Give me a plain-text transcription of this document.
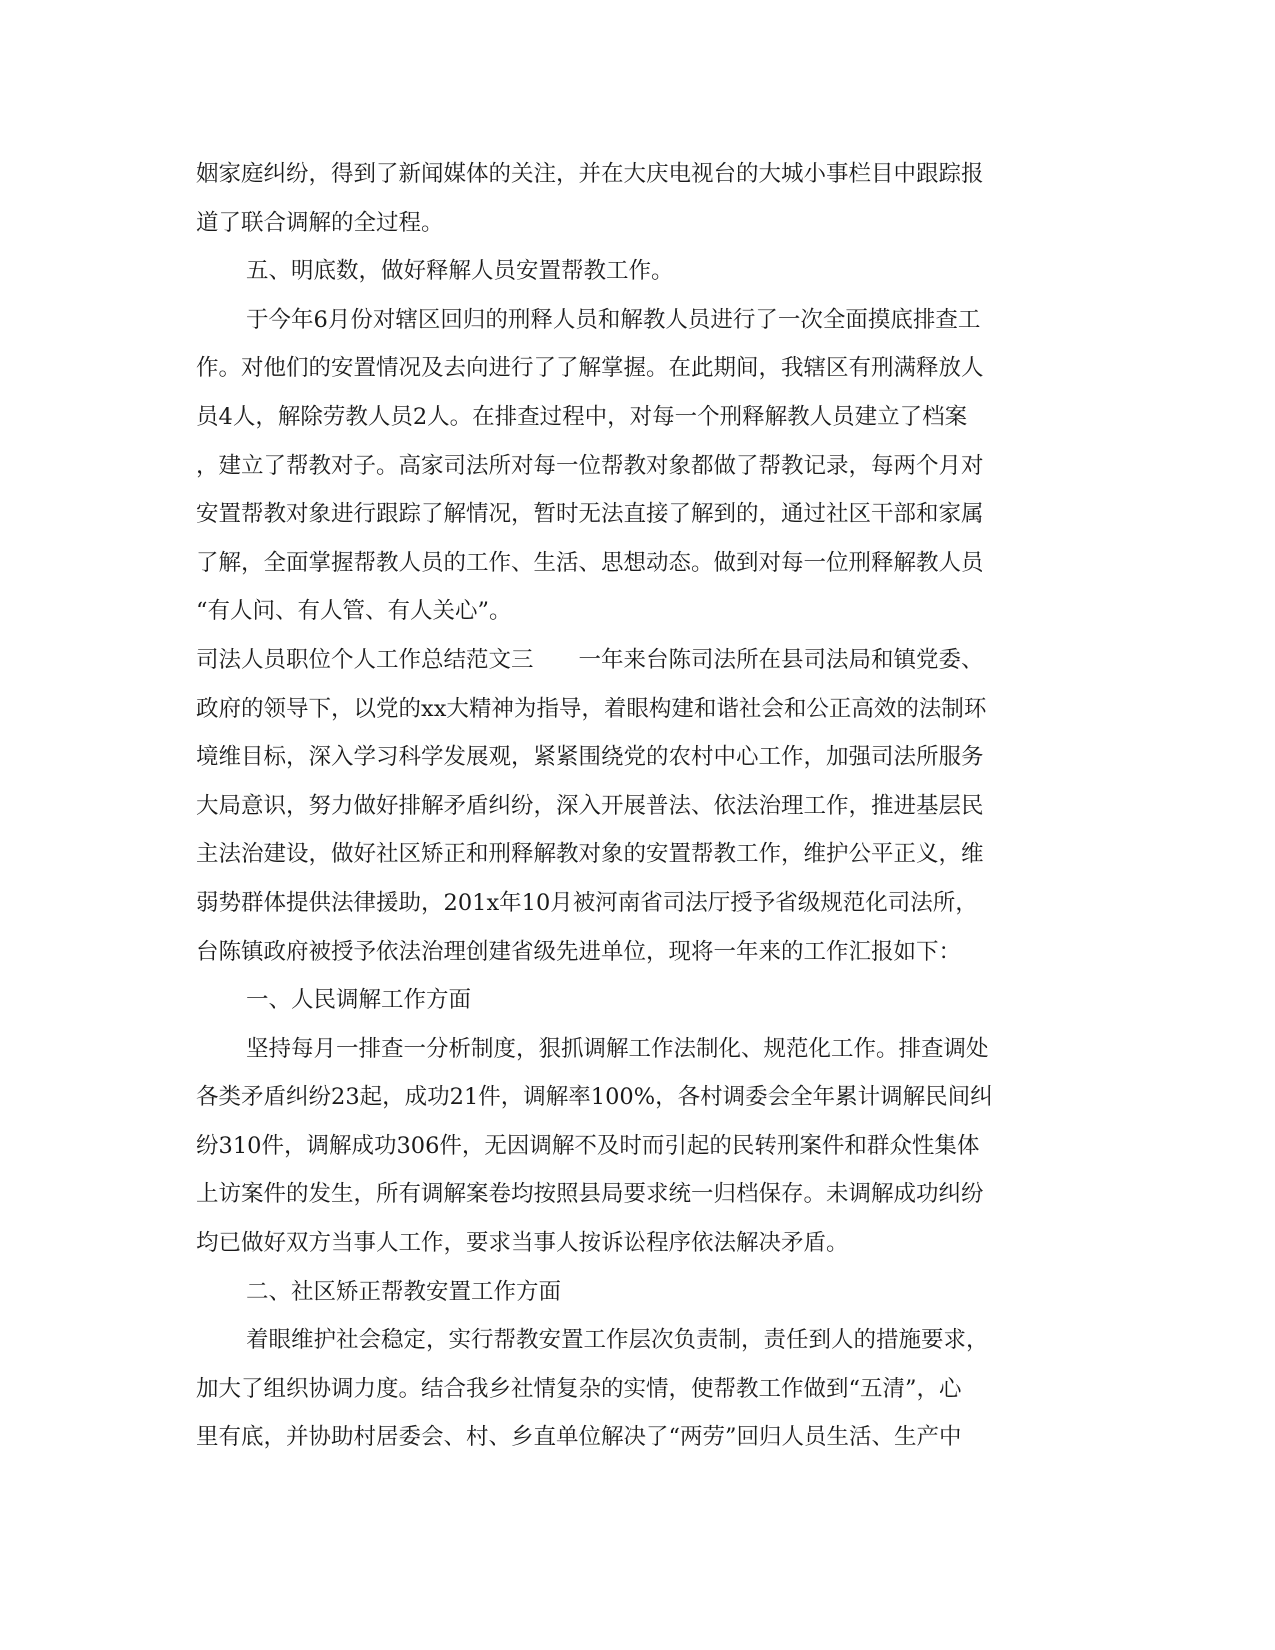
姻家庭纠纷，得到了新闻媒体的关注，并在大庆电视台的大城小事栏目中跟踪报
道了联合调解的全过程。
五、明底数，做好释解人员安置帮教工作。
于今年6月份对辖区回归的刑释人员和解教人员进行了一次全面摸底排查工
作。对他们的安置情况及去向进行了了解掌握。在此期间，我辖区有刑满释放人
员4人，解除劳教人员2人。在排查过程中，对每一个刑释解教人员建立了档案
，建立了帮教对子。高家司法所对每一位帮教对象都做了帮教记录，每两个月对
安置帮教对象进行跟踪了解情况，暂时无法直接了解到的，通过社区干部和家属
了解，全面掌握帮教人员的工作、生活、思想动态。做到对每一位刑释解教人员
“有人问、有人管、有人关心”。
司法人员职位个人工作总结范文三　　一年来台陈司法所在县司法局和镇党委、
政府的领导下，以党的xx大精神为指导，着眼构建和谐社会和公正高效的法制环
境维目标，深入学习科学发展观，紧紧围绕党的农村中心工作，加强司法所服务
大局意识，努力做好排解矛盾纠纷，深入开展普法、依法治理工作，推进基层民
主法治建设，做好社区矫正和刑释解教对象的安置帮教工作，维护公平正义，维
弱势群体提供法律援助，201x年10月被河南省司法厅授予省级规范化司法所，
台陈镇政府被授予依法治理创建省级先进单位，现将一年来的工作汇报如下：
一、人民调解工作方面
坚持每月一排查一分析制度，狠抓调解工作法制化、规范化工作。排查调处
各类矛盾纠纷23起，成功21件，调解率100%，各村调委会全年累计调解民间纠
纷310件，调解成功306件，无因调解不及时而引起的民转刑案件和群众性集体
上访案件的发生，所有调解案卷均按照县局要求统一归档保存。未调解成功纠纷
均已做好双方当事人工作，要求当事人按诉讼程序依法解决矛盾。
二、社区矫正帮教安置工作方面
着眼维护社会稳定，实行帮教安置工作层次负责制，责任到人的措施要求，
加大了组织协调力度。结合我乡社情复杂的实情，使帮教工作做到“五清”，心
里有底，并协助村居委会、村、乡直单位解决了“两劳”回归人员生活、生产中
